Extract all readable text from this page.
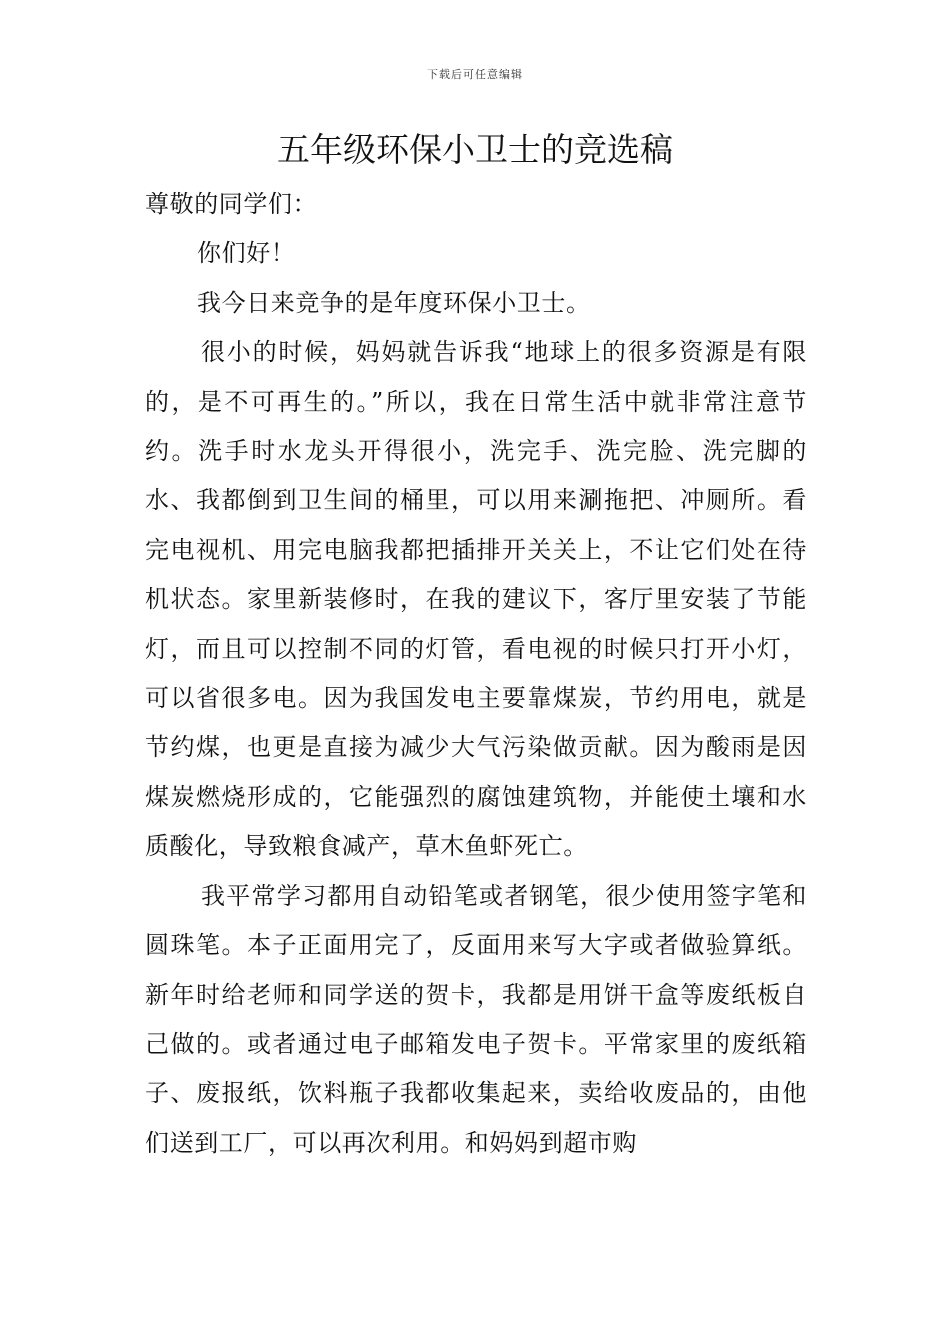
下载后可任意编辑
五年级环保小卫士的竞选稿

尊敬的同学们：

你们好！

我今日来竞争的是年度环保小卫士。

很小的时候，妈妈就告诉我“地球上的很多资源是有限的，是不可再生的。”所以，我在日常生活中就非常注意节约。洗手时水龙头开得很小，洗完手、洗完脸、洗完脚的水、我都倒到卫生间的桶里，可以用来涮拖把、冲厕所。看完电视机、用完电脑我都把插排开关关上，不让它们处在待机状态。家里新装修时，在我的建议下，客厅里安装了节能灯，而且可以控制不同的灯管，看电视的时候只打开小灯，可以省很多电。因为我国发电主要靠煤炭，节约用电，就是节约煤，也更是直接为减少大气污染做贡献。因为酸雨是因煤炭燃烧形成的，它能强烈的腐蚀建筑物，并能使土壤和水质酸化，导致粮食减产，草木鱼虾死亡。

我平常学习都用自动铅笔或者钢笔，很少使用签字笔和圆珠笔。本子正面用完了，反面用来写大字或者做验算纸。新年时给老师和同学送的贺卡，我都是用饼干盒等废纸板自己做的。或者通过电子邮箱发电子贺卡。平常家里的废纸箱子、废报纸，饮料瓶子我都收集起来，卖给收废品的，由他们送到工厂，可以再次利用。和妈妈到超市购
